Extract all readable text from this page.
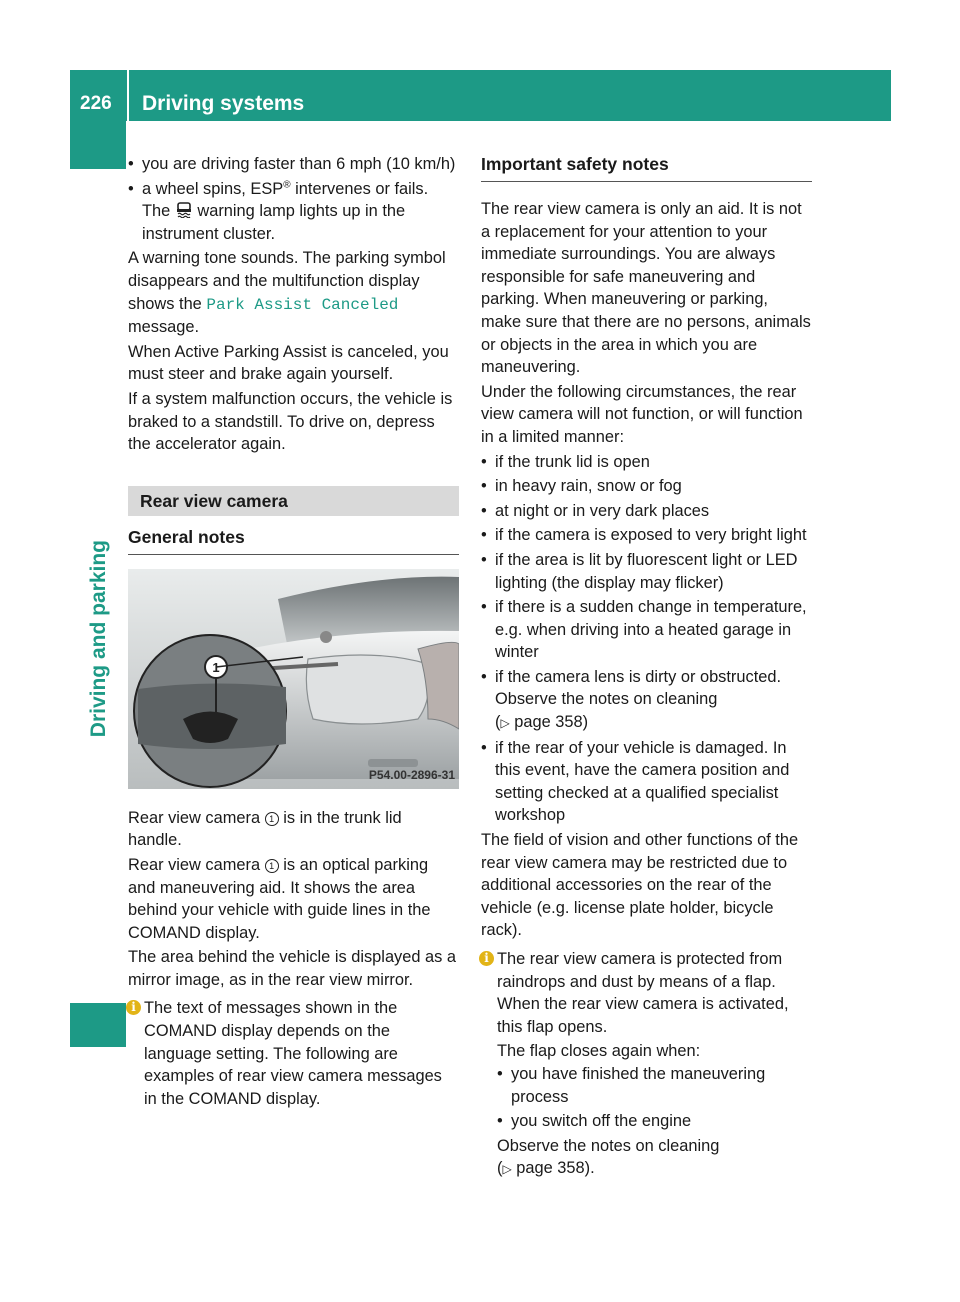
226 Driving systems
Driving and parking
• you are driving faster than 6 mph (10 km/h)
• a wheel spins, ESP® intervenes or fails. The  warning lamp lights up in the instrument cluster.

A warning tone sounds. The parking symbol disappears and the multifunction display shows the Park Assist Canceled message.

When Active Parking Assist is canceled, you must steer and brake again yourself.

If a system malfunction occurs, the vehicle is braked to a standstill. To drive on, depress the accelerator again.

Rear view camera
General notes
1
P54.00-2896-31

Rear view camera 1 is in the trunk lid handle.

Rear view camera 1 is an optical parking and maneuvering aid. It shows the area behind your vehicle with guide lines in the COMAND display.

The area behind the vehicle is displayed as a mirror image, as in the rear view mirror.

i The text of messages shown in the COMAND display depends on the language setting. The following are examples of rear view camera messages in the COMAND display.
Important safety notes

The rear view camera is only an aid. It is not a replacement for your attention to your immediate surroundings. You are always responsible for safe maneuvering and parking. When maneuvering or parking, make sure that there are no persons, animals or objects in the area in which you are maneuvering.

Under the following circumstances, the rear view camera will not function, or will function in a limited manner:

• if the trunk lid is open
• in heavy rain, snow or fog
• at night or in very dark places
• if the camera is exposed to very bright light
• if the area is lit by fluorescent light or LED lighting (the display may flicker)
• if there is a sudden change in temperature, e.g. when driving into a heated garage in winter
• if the camera lens is dirty or obstructed. Observe the notes on cleaning
(▷ page 358)
• if the rear of your vehicle is damaged. In this event, have the camera position and setting checked at a qualified specialist workshop

The field of vision and other functions of the rear view camera may be restricted due to additional accessories on the rear of the vehicle (e.g. license plate holder, bicycle rack).

i The rear view camera is protected from raindrops and dust by means of a flap. When the rear view camera is activated, this flap opens.
The flap closes again when:
• you have finished the maneuvering process
• you switch off the engine
Observe the notes on cleaning
(▷ page 358).
